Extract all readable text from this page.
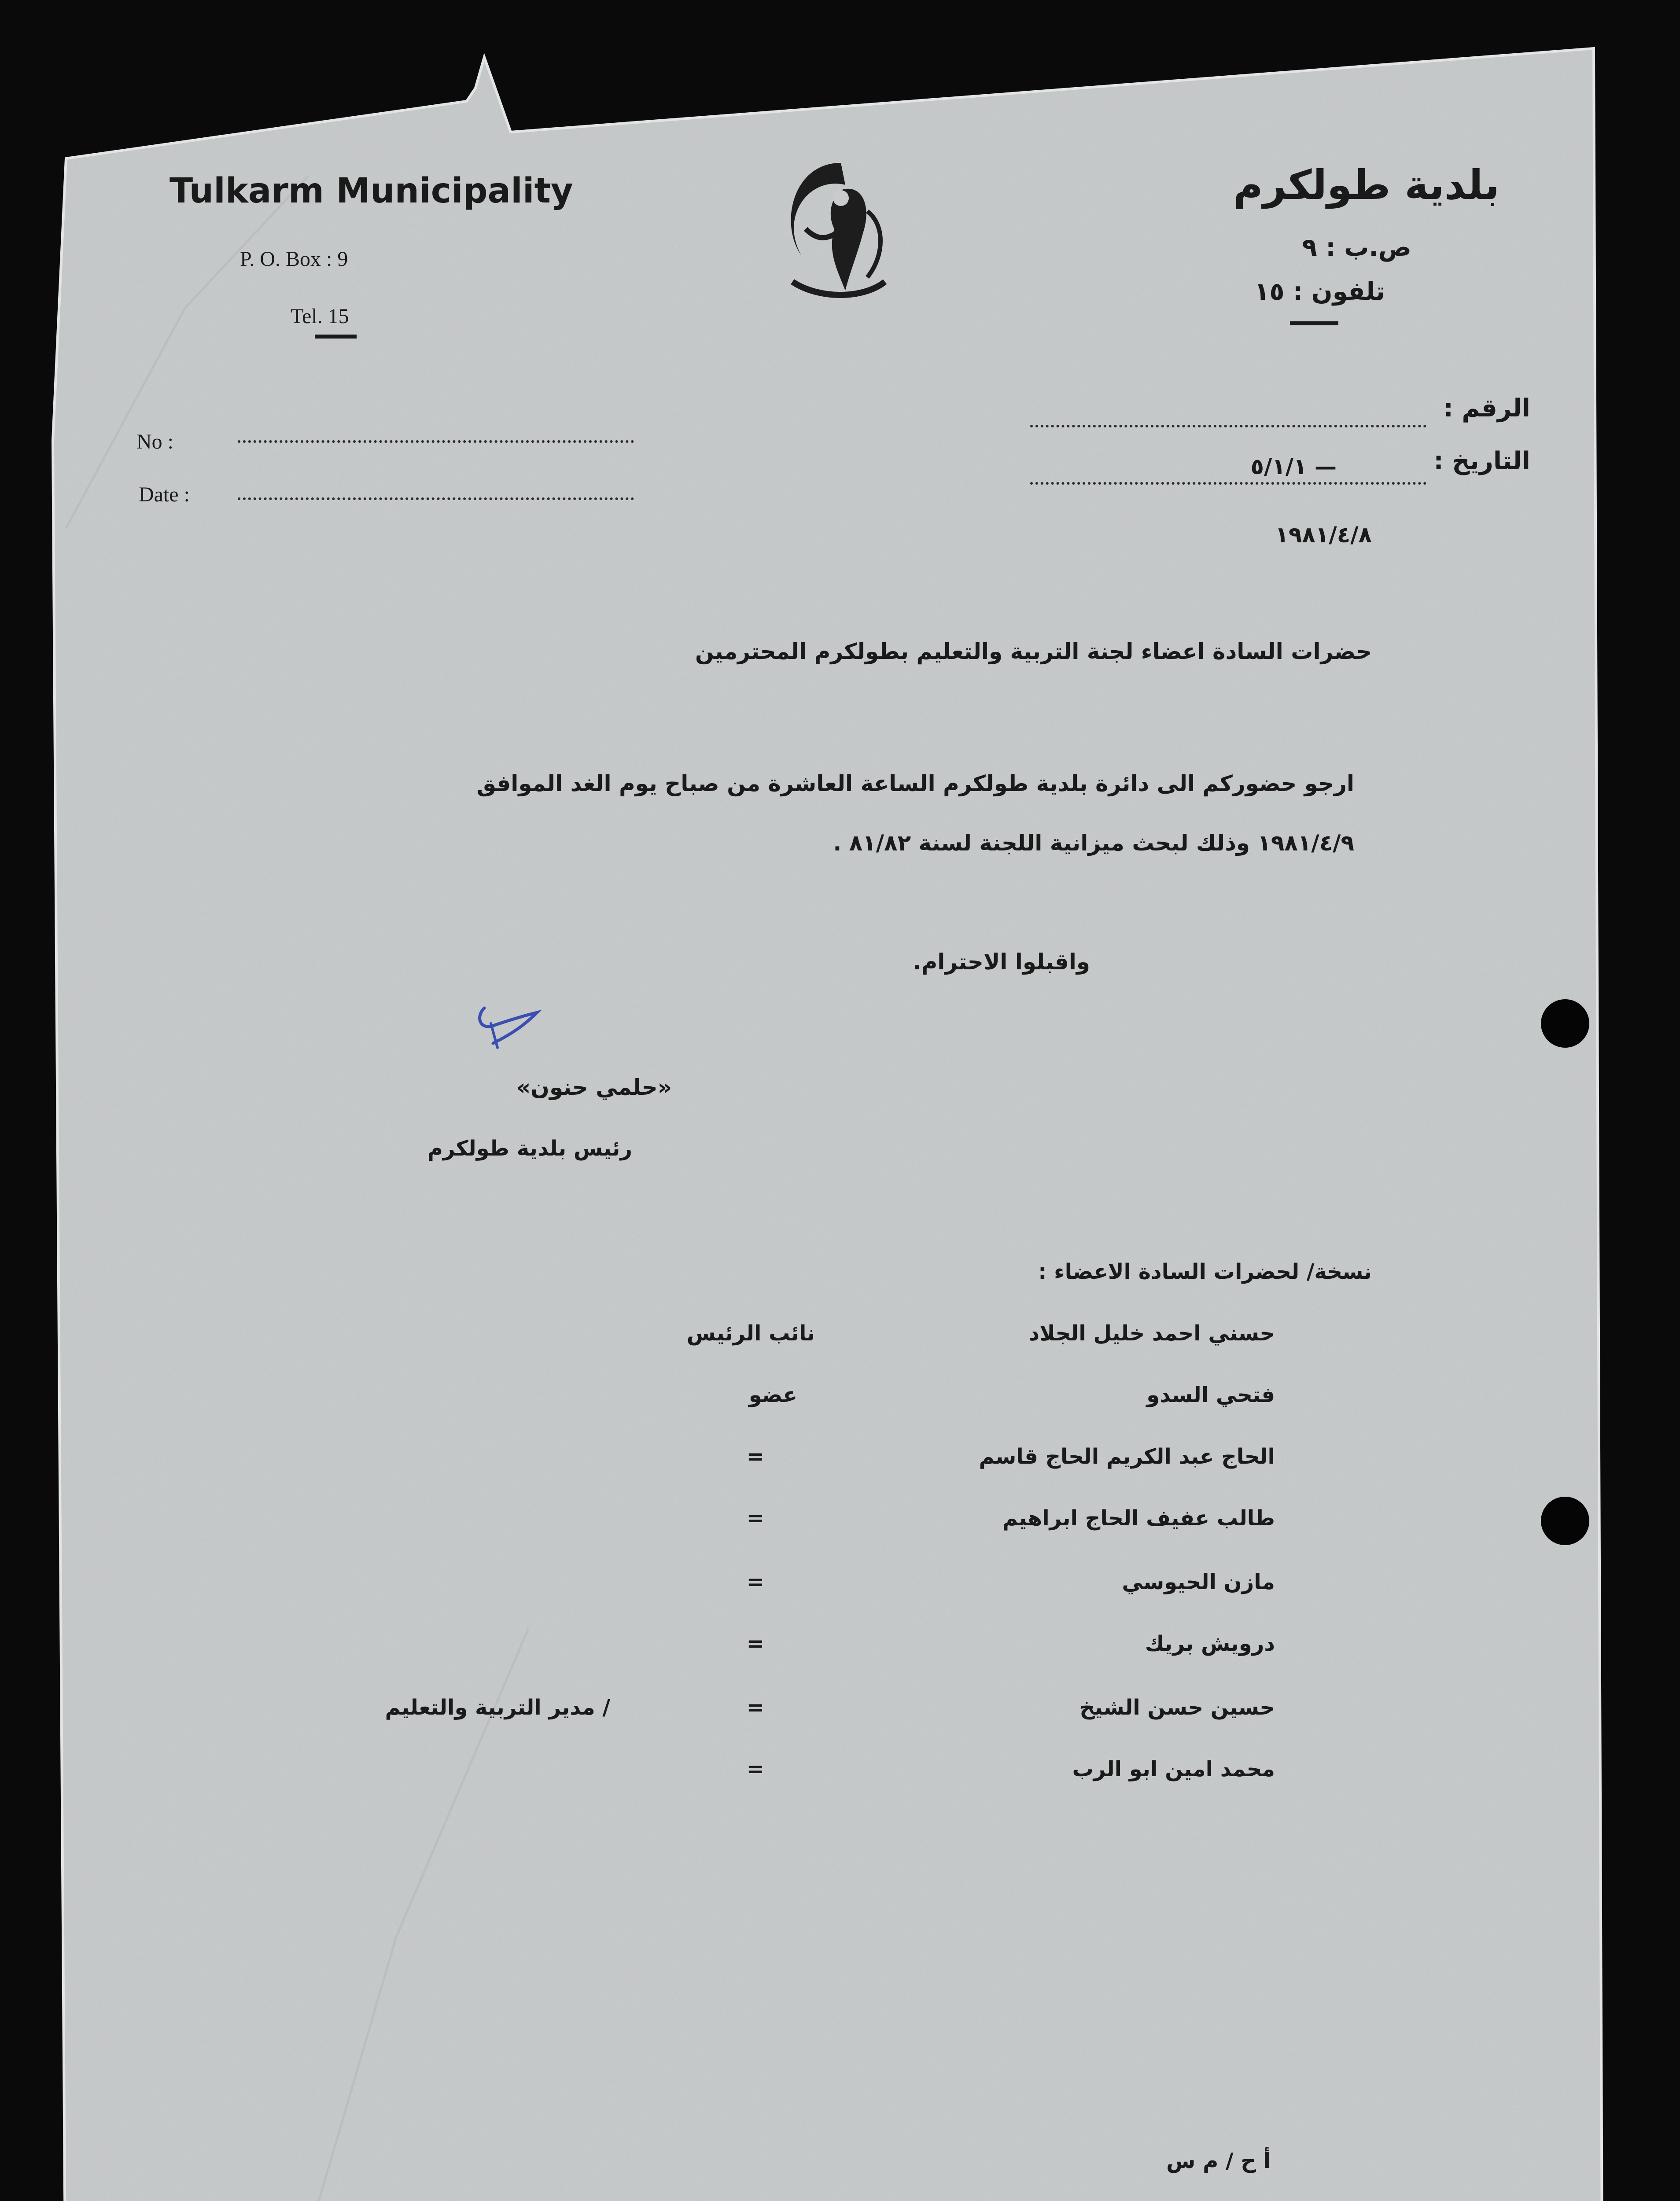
Tulkarm Municipality
P. O. Box : 9
Tel. 15
بلدية طولكرم
ص.ب : ٩
تلفون : ١٥
No :
Date :
الرقم :
التاريخ :
٥/١/١ —
١٩٨١/٤/٨
حضرات السادة اعضاء لجنة التربية والتعليم بطولكرم المحترمين
ارجو حضوركم الى دائرة بلدية طولكرم الساعة العاشرة من صباح يوم الغد الموافق
١٩٨١/٤/٩ وذلك لبحث ميزانية اللجنة لسنة ٨١/٨٢ .
واقبلوا الاحترام.
«حلمي حنون»
رئيس بلدية طولكرم
نسخة/ لحضرات السادة الاعضاء :
حسني احمد خليل الجلاد
نائب الرئيس
فتحي السدو
عضو
الحاج عبد الكريم الحاج قاسم
=
طالب عفيف الحاج ابراهيم
=
مازن الحيوسي
=
درويش بريك
=
حسين حسن الشيخ
=
/ مدير التربية والتعليم
محمد امين ابو الرب
=
أ ح / م س
